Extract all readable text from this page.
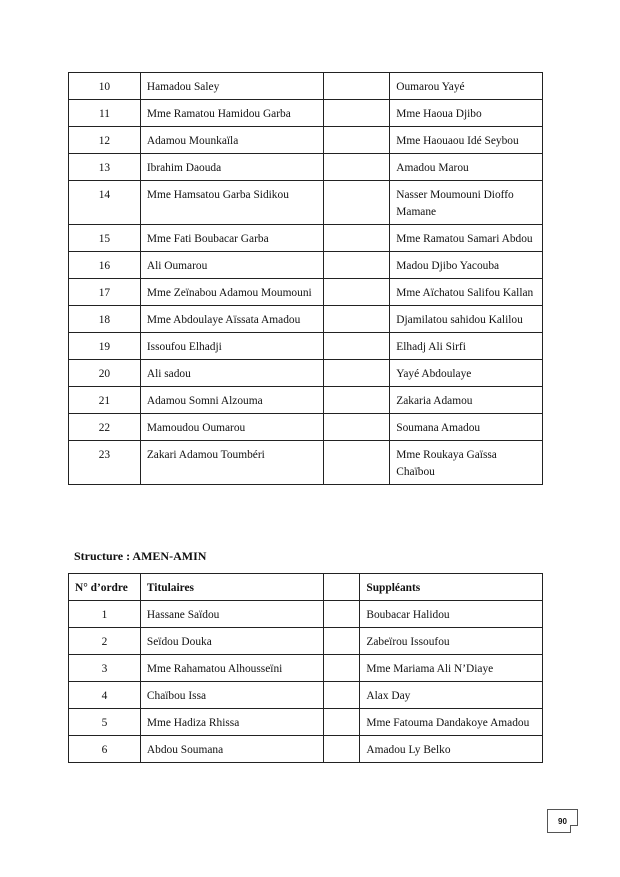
10	Hamadou Saley		Oumarou Yayé
11	Mme Ramatou Hamidou Garba		Mme Haoua Djibo
12	Adamou Mounkaïla		Mme Haouaou Idé Seybou
13	Ibrahim Daouda		Amadou Marou
14	Mme Hamsatou Garba Sidikou		Nasser Moumouni Dioffo Mamane
15	Mme Fati Boubacar Garba		Mme Ramatou Samari Abdou
16	Ali Oumarou		Madou Djibo Yacouba
17	Mme Zeïnabou Adamou Moumouni		Mme Aïchatou Salifou Kallan
18	Mme Abdoulaye Aïssata Amadou		Djamilatou sahidou Kalilou
19	Issoufou Elhadji		Elhadj Ali Sirfi
20	Ali sadou		Yayé Abdoulaye
21	Adamou Somni Alzouma		Zakaria Adamou
22	Mamoudou Oumarou		Soumana Amadou
23	Zakari Adamou Toumbéri		Mme Roukaya Gaïssa Chaïbou

Structure : AMEN-AMIN

N° d’ordre	Titulaires		Suppléants
1	Hassane Saïdou		Boubacar Halidou
2	Seïdou Douka		Zabeïrou Issoufou
3	Mme Rahamatou Alhousseïni		Mme Mariama Ali N’Diaye
4	Chaïbou Issa		Alax Day
5	Mme Hadiza Rhissa		Mme Fatouma Dandakoye Amadou
6	Abdou Soumana		Amadou Ly Belko
90
